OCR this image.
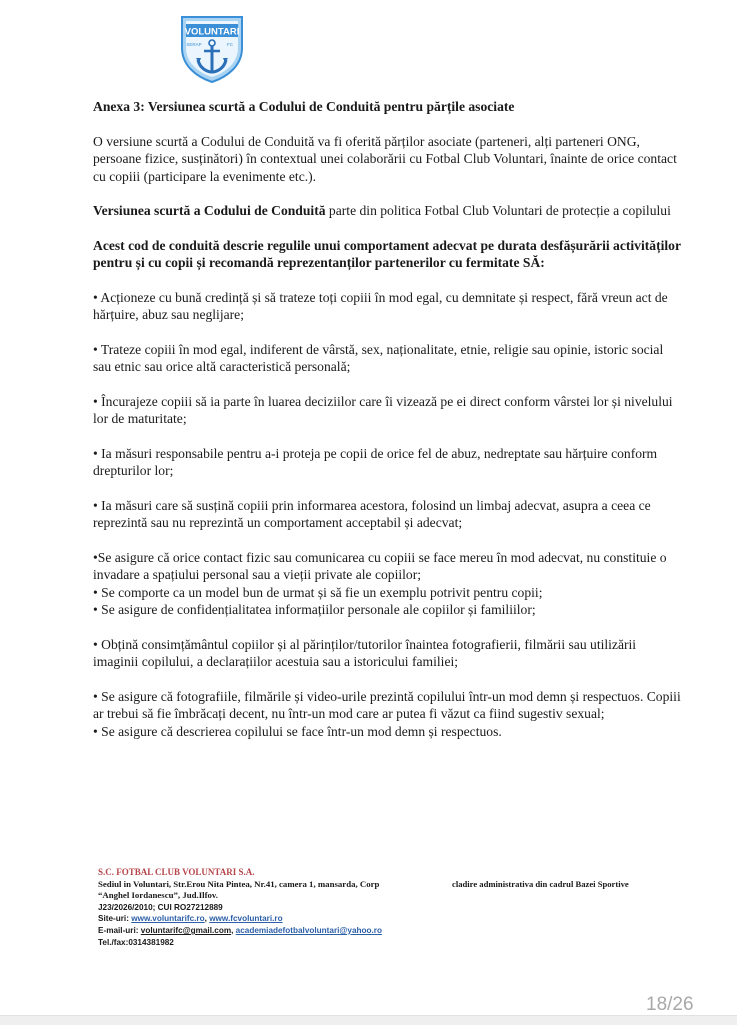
VOLUNTARI
SERAP	FC

Anexa 3: Versiunea scurtă a Codului de Conduită pentru părțile asociate

O versiune scurtă a Codului de Conduită va fi oferită părților asociate (parteneri, alți parteneri ONG, persoane fizice, susținători) în contextual unei colaborării cu Fotbal Club Voluntari, înainte de orice contact cu copiii (participare la evenimente etc.).

Versiunea scurtă a Codului de Conduită parte din politica Fotbal Club Voluntari de protecție a copilului

Acest cod de conduită descrie regulile unui comportament adecvat pe durata desfășurării activităților pentru și cu copii și recomandă reprezentanților partenerilor cu fermitate SĂ:

• Acționeze cu bună credință și să trateze toți copiii în mod egal, cu demnitate și respect, fără vreun act de hărțuire, abuz sau neglijare;

• Trateze copiii în mod egal, indiferent de vârstă, sex, naționalitate, etnie, religie sau opinie, istoric social sau etnic sau orice altă caracteristică personală;

• Încurajeze copiii să ia parte în luarea deciziilor care îi vizează pe ei direct conform vârstei lor și nivelului lor de maturitate;

• Ia măsuri responsabile pentru a-i proteja pe copii de orice fel de abuz, nedreptate sau hărțuire conform drepturilor lor;

• Ia măsuri care să susțină copiii prin informarea acestora, folosind un limbaj adecvat, asupra a ceea ce reprezintă sau nu reprezintă un comportament acceptabil și adecvat;

•Se asigure că orice contact fizic sau comunicarea cu copiii se face mereu în mod adecvat, nu constituie o invadare a spațiului personal sau a vieții private ale copiilor;

• Se comporte ca un model bun de urmat și să fie un exemplu potrivit pentru copii;

• Se asigure de confidențialitatea informațiilor personale ale copiilor și familiilor;

• Obțină consimțământul copiilor și al părinților/tutorilor înaintea fotografierii, filmării sau utilizării imaginii copilului, a declarațiilor acestuia sau a istoricului familiei;

• Se asigure că fotografiile, filmările și video-urile prezintă copilului într-un mod demn și respectuos. Copiii ar trebui să fie îmbrăcați decent, nu într-un mod care ar putea fi văzut ca fiind sugestiv sexual;

• Se asigure că descrierea copilului se face într-un mod demn și respectuos.

S.C. FOTBAL CLUB VOLUNTARI S.A.
Sediul in Voluntari, Str.Erou Nita Pintea, Nr.41, camera 1, mansarda, Corp
“Anghel Iordanescu”, Jud.Ilfov.
J23/2026/2010; CUI RO27212889
Site-uri: www.voluntarifc.ro, www.fcvoluntari.ro
E-mail-uri: voluntarifc@gmail.com, academiadefotbalvoluntari@yahoo.ro
Tel./fax:0314381982
cladire administrativa din cadrul Bazei Sportive
18/26
